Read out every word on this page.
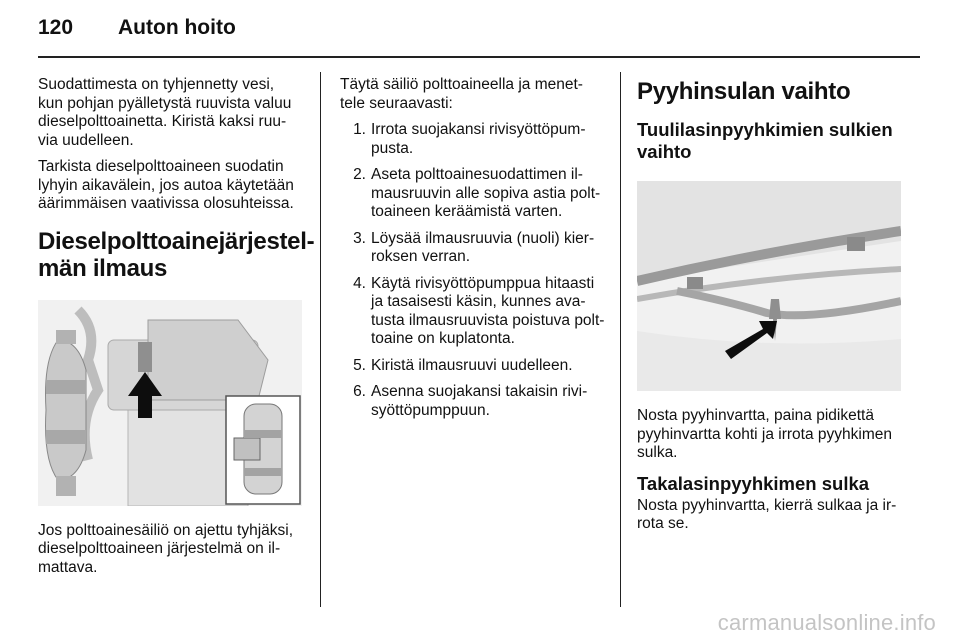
120 Auton hoito

Suodattimesta on tyhjennetty vesi,
kun pohjan pyälletystä ruuvista valuu
dieselpolttoainetta. Kiristä kaksi ruu-
via uudelleen.

Tarkista dieselpolttoaineen suodatin
lyhyin aikavälein, jos autoa käytetään
äärimmäisen vaativissa olosuhteissa.

Dieselpolttoainejärjestel-
män ilmaus

Jos polttoainesäiliö on ajettu tyhjäksi,
dieselpolttoaineen järjestelmä on il-
mattava.

Täytä säiliö polttoaineella ja menet-
tele seuraavasti:

1. Irrota suojakansi rivisyöttöpum-
pusta.
2. Aseta polttoainesuodattimen il-
mausruuvin alle sopiva astia polt-
toaineen keräämistä varten.
3. Löysää ilmausruuvia (nuoli) kier-
roksen verran.
4. Käytä rivisyöttöpumppua hitaasti
ja tasaisesti käsin, kunnes ava-
tusta ilmausruuvista poistuva polt-
toaine on kuplatonta.
5. Kiristä ilmausruuvi uudelleen.
6. Asenna suojakansi takaisin rivi-
syöttöpumppuun.
Pyyhinsulan vaihto
Tuulilasinpyyhkimien sulkien
vaihto

Nosta pyyhinvartta, paina pidikettä
pyyhinvartta kohti ja irrota pyyhkimen
sulka.

Takalasinpyyhkimen sulka

Nosta pyyhinvartta, kierrä sulkaa ja ir-
rota se.

carmanualsonline.info
